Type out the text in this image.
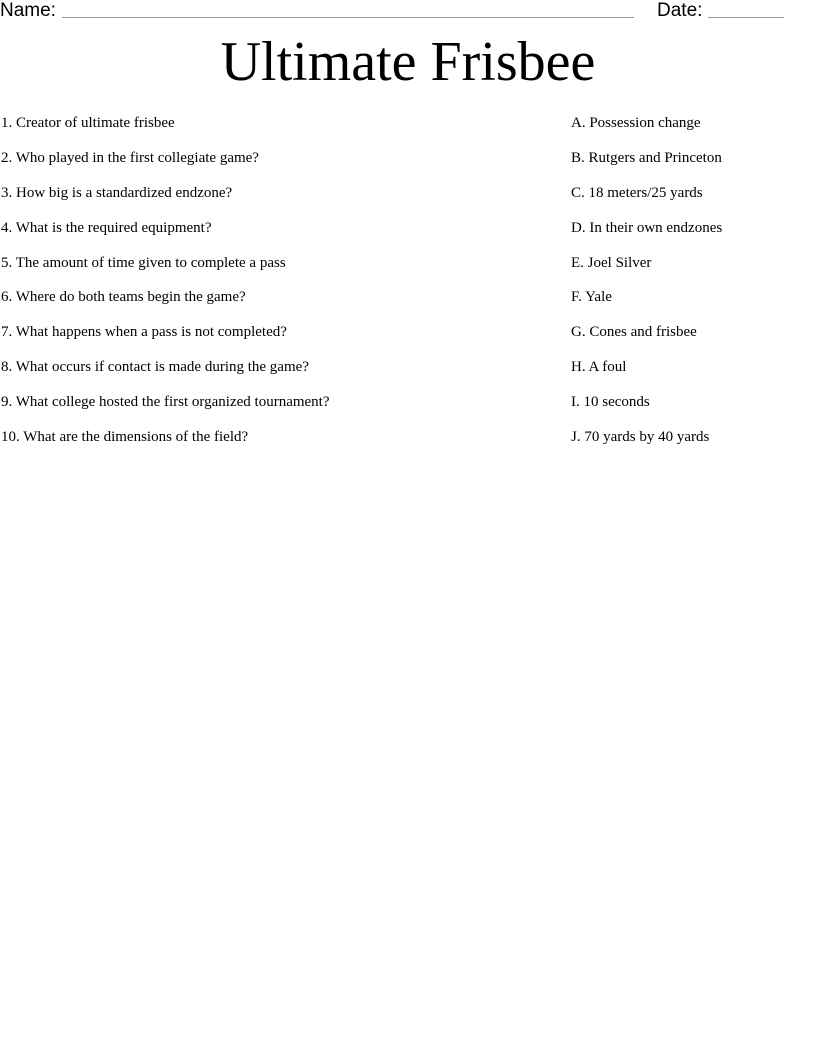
Name:	Date:
Ultimate Frisbee
1. Creator of ultimate frisbee
2. Who played in the first collegiate game?
3. How big is a standardized endzone?
4. What is the required equipment?
5. The amount of time given to complete a pass
6. Where do both teams begin the game?
7. What happens when a pass is not completed?
8. What occurs if contact is made during the game?
9. What college hosted the first organized tournament?
10. What are the dimensions of the field?
A. Possession change
B. Rutgers and Princeton
C. 18 meters/25 yards
D. In their own endzones
E. Joel Silver
F. Yale
G. Cones and frisbee
H. A foul
I. 10 seconds
J. 70 yards by 40 yards
